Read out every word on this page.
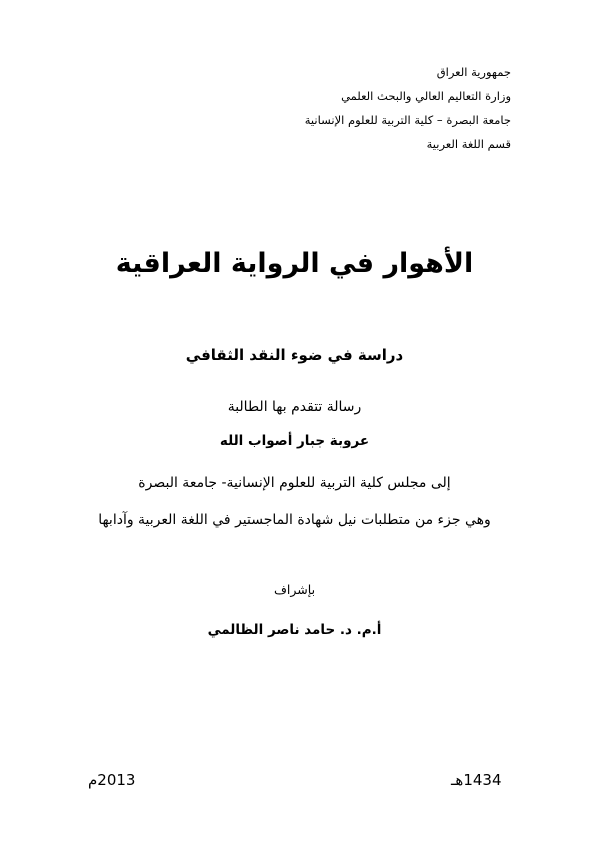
جمهورية العراق
وزارة التعاليم العالي والبحث العلمي
جامعة البصرة – كلية التربية للعلوم الإنسانية
قسم اللغة العربية
الأهوار في الرواية العراقية
دراسة في ضوء النقد الثقافي
رسالة تتقدم بها الطالبة
عروبة جبار أصواب الله
إلى مجلس كلية التربية للعلوم الإنسانية- جامعة البصرة
وهي جزء من متطلبات نيل شهادة الماجستير في اللغة العربية وآدابها
بإشراف
أ.م. د. حامد ناصر الظالمي
2013م	1434هـ
